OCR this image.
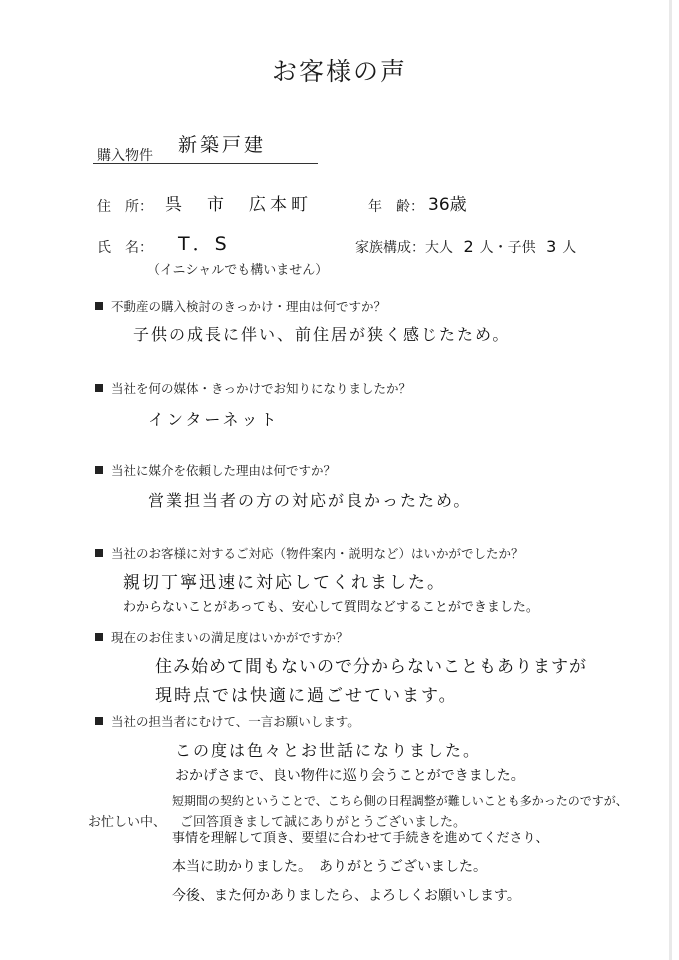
お客様の声
購入物件 新築戸建
住　所： 呉　市　広本町	年　齢： 36歳
氏　名： T．S
（イニシャルでも構いません）
家族構成：大人 2 人・子供 3 人
不動産の購入検討のきっかけ・理由は何ですか？
子供の成長に伴い、前住居が狭く感じたため。
当社を何の媒体・きっかけでお知りになりましたか？
インターネット
当社に媒介を依頼した理由は何ですか？
営業担当者の方の対応が良かったため。
当社のお客様に対するご対応（物件案内・説明など）はいかがでしたか？
親切丁寧迅速に対応してくれました。
わからないことがあっても、安心して質問などすることができました。
現在のお住まいの満足度はいかがですか？
住み始めて間もないので分からないこともありますが
現時点では快適に過ごせています。
当社の担当者にむけて、一言お願いします。
この度は色々とお世話になりました。
おかげさまで、良い物件に巡り会うことができました。
短期間の契約ということで、こちら側の日程調整が難しいことも多かったのですが、
事情を理解して頂き、要望に合わせて手続きを進めてくださり、
本当に助かりました。　ありがとうございました。
今後、また何かありましたら、よろしくお願いします。
お忙しい中、 ご回答頂きまして誠にありがとうございました。
